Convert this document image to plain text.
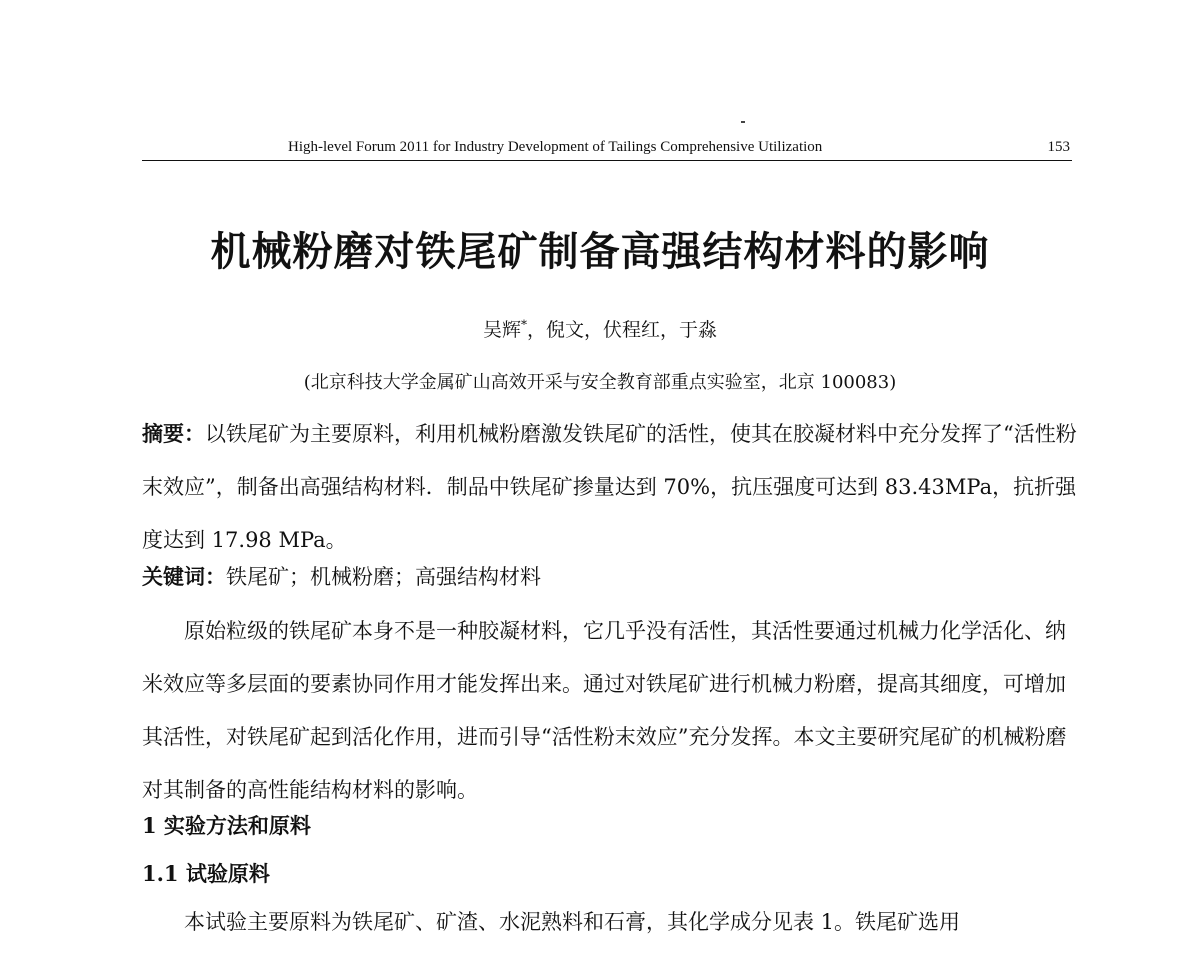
High-level Forum 2011 for Industry Development of Tailings Comprehensive Utilization	153
机械粉磨对铁尾矿制备高强结构材料的影响
吴辉*，倪文，伏程红，于淼
(北京科技大学金属矿山高效开采与安全教育部重点实验室，北京 100083)

摘要：以铁尾矿为主要原料，利用机械粉磨激发铁尾矿的活性，使其在胶凝材料中充分发挥了“活性粉末效应”，制备出高强结构材料．制品中铁尾矿掺量达到 70%，抗压强度可达到 83.43MPa，抗折强度达到 17.98 MPa。

关键词：铁尾矿；机械粉磨；高强结构材料

原始粒级的铁尾矿本身不是一种胶凝材料，它几乎没有活性，其活性要通过机械力化学活化、纳米效应等多层面的要素协同作用才能发挥出来。通过对铁尾矿进行机械力粉磨，提高其细度，可增加其活性，对铁尾矿起到活化作用，进而引导“活性粉末效应”充分发挥。本文主要研究尾矿的机械粉磨对其制备的高性能结构材料的影响。

1 实验方法和原料

1.1 试验原料

本试验主要原料为铁尾矿、矿渣、水泥熟料和石膏，其化学成分见表 1。铁尾矿选用
